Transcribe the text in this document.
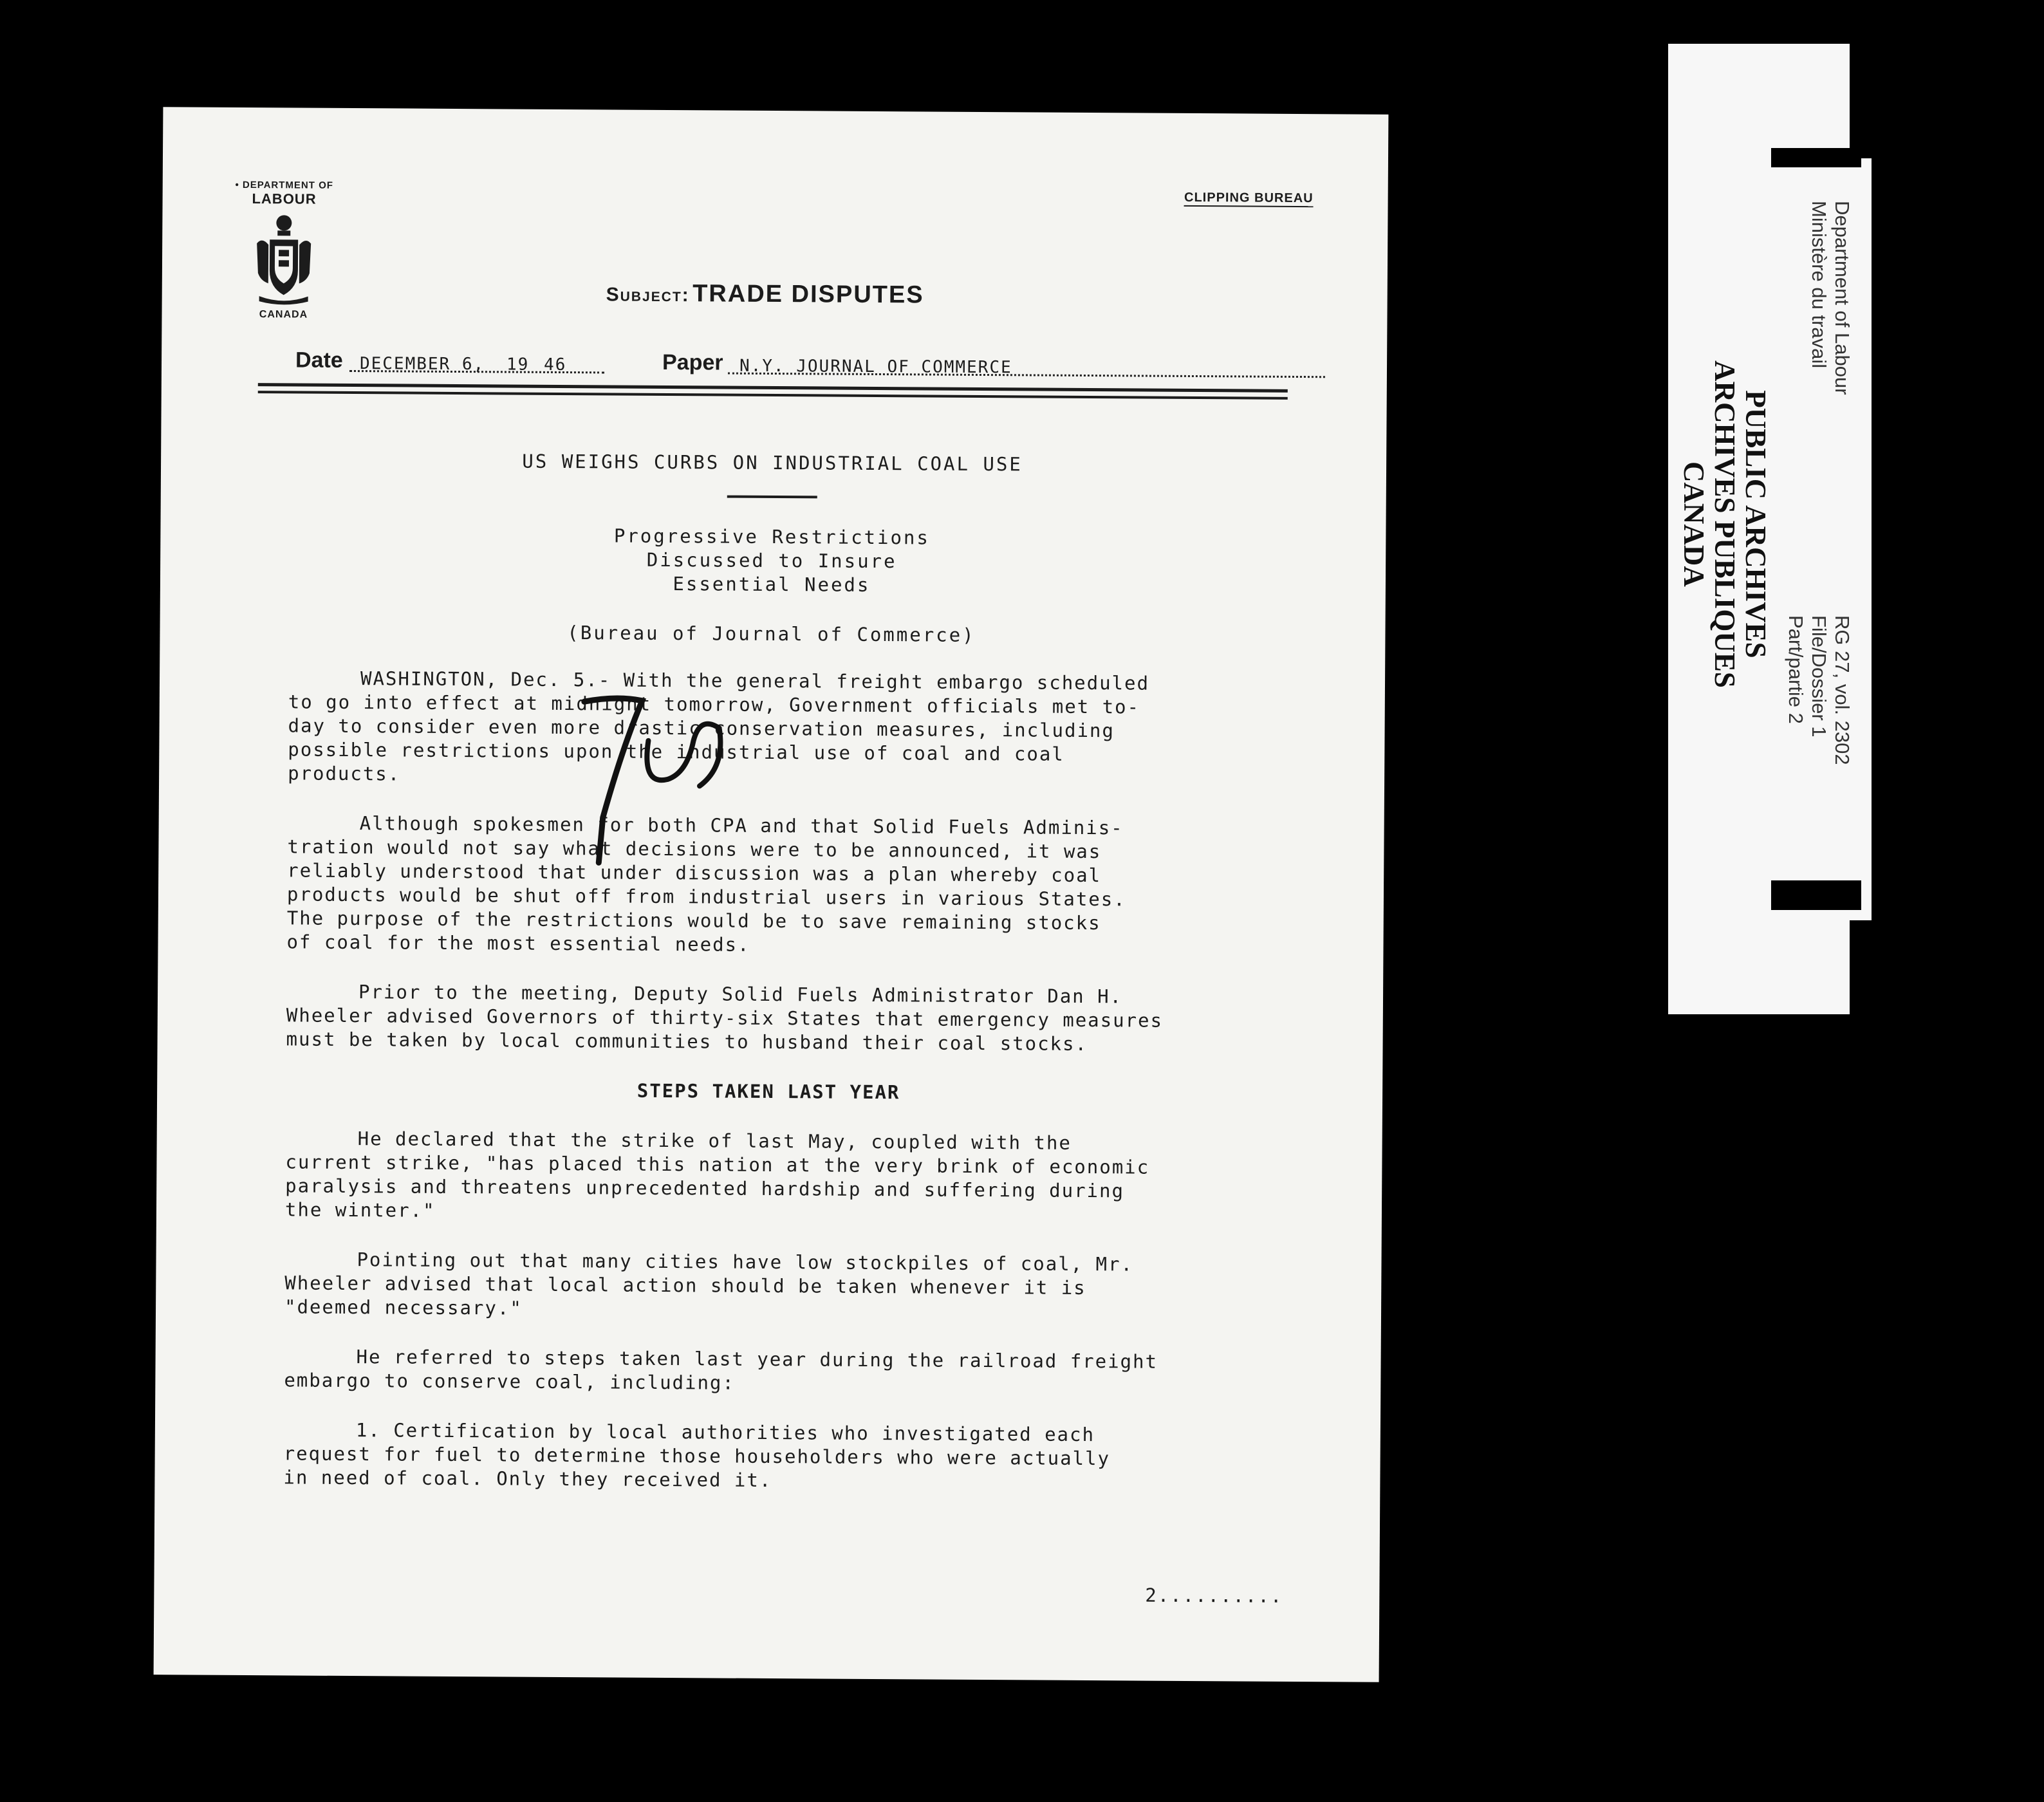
• DEPARTMENT OF
LABOUR
CANADA
CLIPPING BUREAU
Subject: TRADE DISPUTES
Date DECEMBER 6, 19 46	Paper N.Y. JOURNAL OF COMMERCE
US WEIGHS CURBS ON INDUSTRIAL COAL USE
Progressive Restrictions
Discussed to Insure
Essential Needs
(Bureau of Journal of Commerce)

WASHINGTON, Dec. 5.- With the general freight embargo scheduled
to go into effect at midnight tomorrow, Government officials met to-
day to consider even more drastic conservation measures, including
possible restrictions upon the industrial use of coal and coal
products.

Although spokesmen for both CPA and that Solid Fuels Adminis-
tration would not say what decisions were to be announced, it was
reliably understood that under discussion was a plan whereby coal
products would be shut off from industrial users in various States.
The purpose of the restrictions would be to save remaining stocks
of coal for the most essential needs.

Prior to the meeting, Deputy Solid Fuels Administrator Dan H.
Wheeler advised Governors of thirty-six States that emergency measures
must be taken by local communities to husband their coal stocks.

STEPS TAKEN LAST YEAR

He declared that the strike of last May, coupled with the
current strike, "has placed this nation at the very brink of economic
paralysis and threatens unprecedented hardship and suffering during
the winter."

Pointing out that many cities have low stockpiles of coal, Mr.
Wheeler advised that local action should be taken whenever it is
"deemed necessary."

He referred to steps taken last year during the railroad freight
embargo to conserve coal, including:

1. Certification by local authorities who investigated each
request for fuel to determine those householders who were actually
in need of coal. Only they received it.

2..........
Department of Labour
Ministère du travail
PUBLIC ARCHIVES
ARCHIVES PUBLIQUES
CANADA
RG 27, vol. 2302
File/Dossier 1
Part/partie 2
